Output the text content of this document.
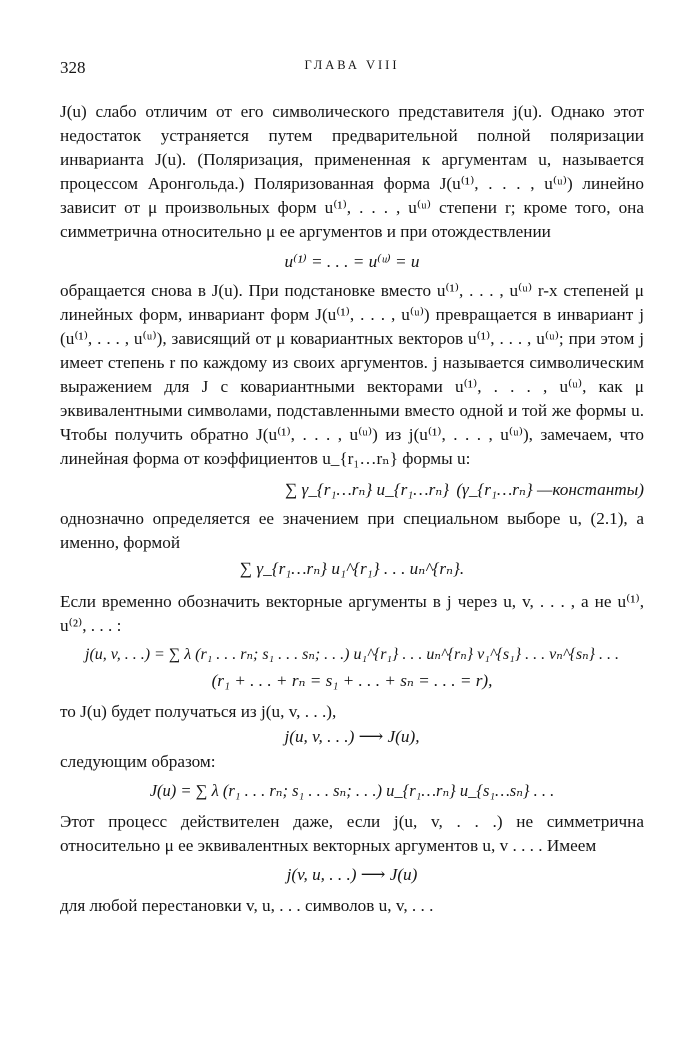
328	ГЛАВА VIII

J(u) слабо отличим от его символического представителя j(u). Однако этот недостаток устраняется путем предварительной полной поляризации инварианта J(u). (Поляризация, примененная к аргументам u, называется процессом Аронгольда.) Поляризованная форма J(u⁽¹⁾, . . . , u⁽ᵘ⁾) линейно зависит от μ произвольных форм u⁽¹⁾, . . . , u⁽ᵘ⁾ степени r; кроме того, она симметрична относительно μ ее аргументов и при отождествлении

u⁽¹⁾ = . . . = u⁽ᵘ⁾ = u

обращается снова в J(u). При подстановке вместо u⁽¹⁾, . . . , u⁽ᵘ⁾ r-х степеней μ линейных форм, инвариант форм J(u⁽¹⁾, . . . , u⁽ᵘ⁾) превращается в инвариант j (u⁽¹⁾, . . . , u⁽ᵘ⁾), зависящий от μ ковариантных векторов u⁽¹⁾, . . . , u⁽ᵘ⁾; при этом j имеет степень r по каждому из своих аргументов. j называется символическим выражением для J с ковариантными векторами u⁽¹⁾, . . . , u⁽ᵘ⁾, как μ эквивалентными символами, подставленными вместо одной и той же формы u. Чтобы получить обратно J(u⁽¹⁾, . . . , u⁽ᵘ⁾) из j(u⁽¹⁾, . . . , u⁽ᵘ⁾), замечаем, что линейная форма от коэффициентов u_{r₁…rₙ} формы u:

∑ γ_{r₁…rₙ} u_{r₁…rₙ} (γ_{r₁…rₙ} —константы)

однозначно определяется ее значением при специальном выборе u, (2.1), а именно, формой

∑ γ_{r₁…rₙ} u₁^{r₁} . . . uₙ^{rₙ}.

Если временно обозначить векторные аргументы в j через u, v, . . . , а не u⁽¹⁾, u⁽²⁾, . . . :

j(u, v, . . .) = ∑ λ (r₁ . . . rₙ; s₁ . . . sₙ; . . .) u₁^{r₁} . . . uₙ^{rₙ} v₁^{s₁} . . . vₙ^{sₙ} . . .
(r₁ + . . . + rₙ = s₁ + . . . + sₙ = . . . = r),

то J(u) будет получаться из j(u, v, . . .),

j(u, v, . . .) ⟶ J(u),

следующим образом:

J(u) = ∑ λ (r₁ . . . rₙ; s₁ . . . sₙ; . . .) u_{r₁…rₙ} u_{s₁…sₙ} . . .

Этот процесс действителен даже, если j(u, v, . . .) не симметрична относительно μ ее эквивалентных векторных аргументов u, v . . . . Имеем

j(v, u, . . .) ⟶ J(u)

для любой перестановки v, u, . . . символов u, v, . . .
